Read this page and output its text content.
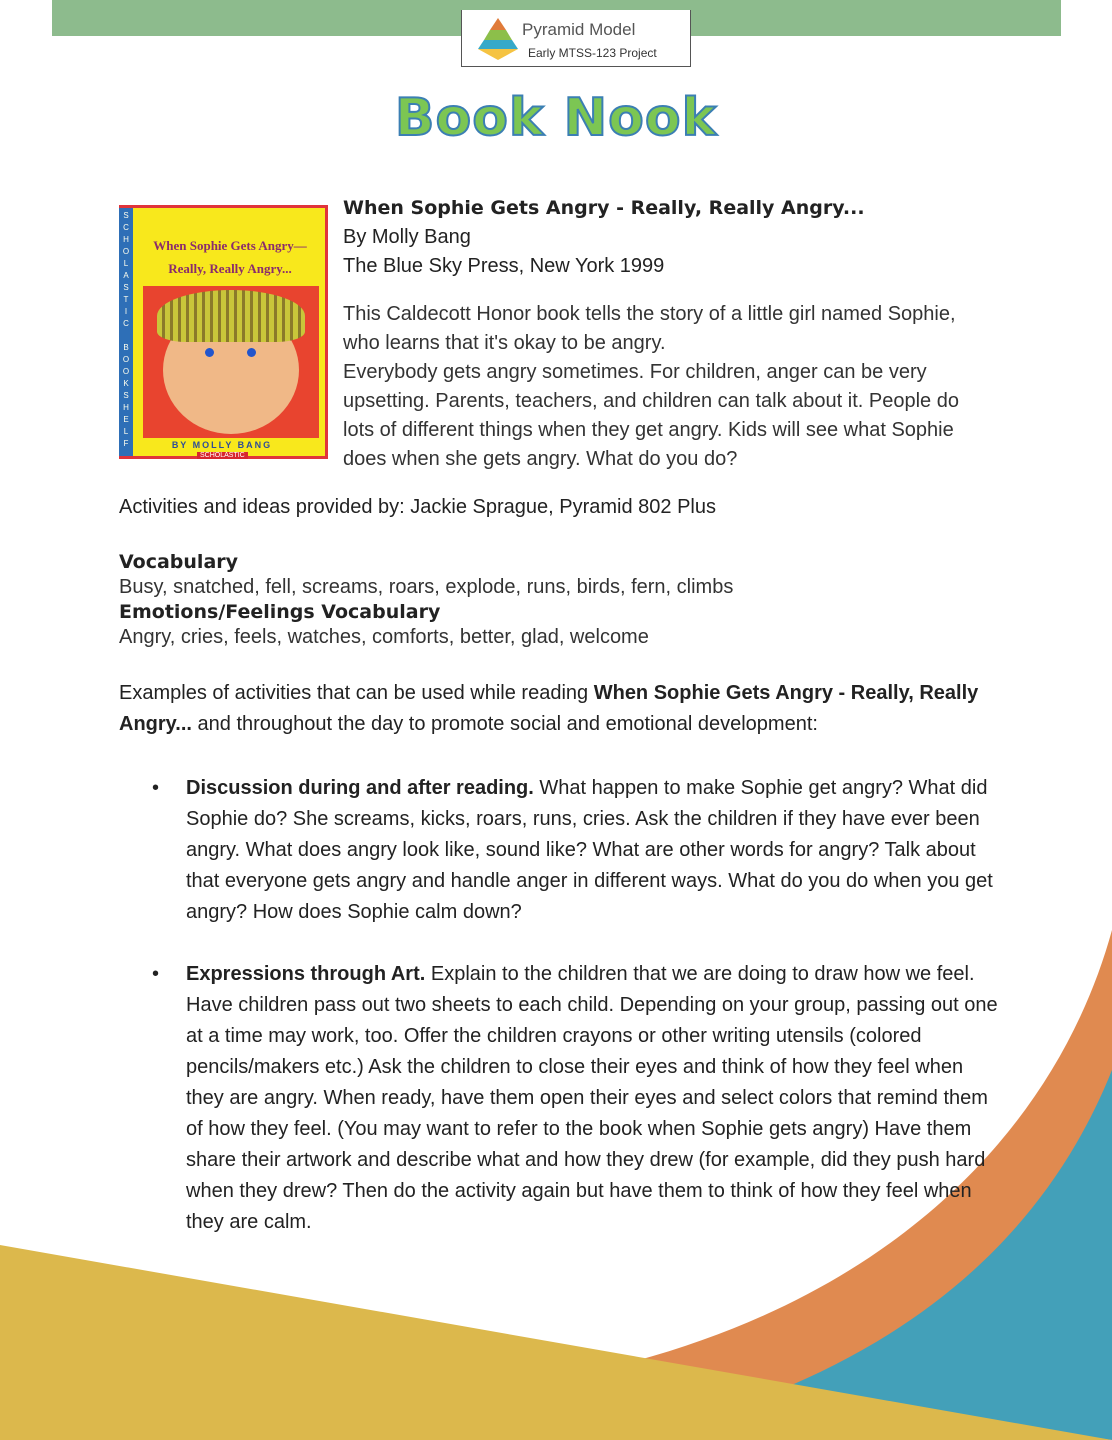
Pyramid Model
Early MTSS-123 Project
Book Nook
S
C
H
O
L
A
S
T
I
C

B
O
O
K
S
H
E
L
F
When Sophie Gets Angry—
Really, Really Angry...
BY MOLLY BANG
SCHOLASTIC
When Sophie Gets Angry - Really, Really Angry...
By Molly Bang
The Blue Sky Press, New York 1999
This Caldecott Honor book tells the story of a little girl named Sophie, who learns that it's okay to be angry.
Everybody gets angry sometimes. For children, anger can be very upsetting. Parents, teachers, and children can talk about it. People do lots of different things when they get angry. Kids will see what Sophie does when she gets angry. What do you do?
Activities and ideas provided by: Jackie Sprague, Pyramid 802 Plus
Vocabulary
Busy, snatched, fell, screams, roars, explode, runs, birds, fern, climbs
Emotions/Feelings Vocabulary
Angry, cries, feels, watches, comforts, better, glad, welcome
Examples of activities that can be used while reading When Sophie Gets Angry - Really, Really Angry... and throughout the day to promote social and emotional development:
• Discussion during and after reading. What happen to make Sophie get angry? What did Sophie do? She screams, kicks, roars, runs, cries. Ask the children if they have ever been angry. What does angry look like, sound like? What are other words for angry? Talk about that everyone gets angry and handle anger in different ways. What do you do when you get angry? How does Sophie calm down?
• Expressions through Art. Explain to the children that we are doing to draw how we feel. Have children pass out two sheets to each child. Depending on your group, passing out one at a time may work, too. Offer the children crayons or other writing utensils (colored pencils/makers etc.) Ask the children to close their eyes and think of how they feel when they are angry. When ready, have them open their eyes and select colors that remind them of how they feel. (You may want to refer to the book when Sophie gets angry) Have them share their artwork and describe what and how they drew (for example, did they push hard when they drew? Then do the activity again but have them to think of how they feel when they are calm.
